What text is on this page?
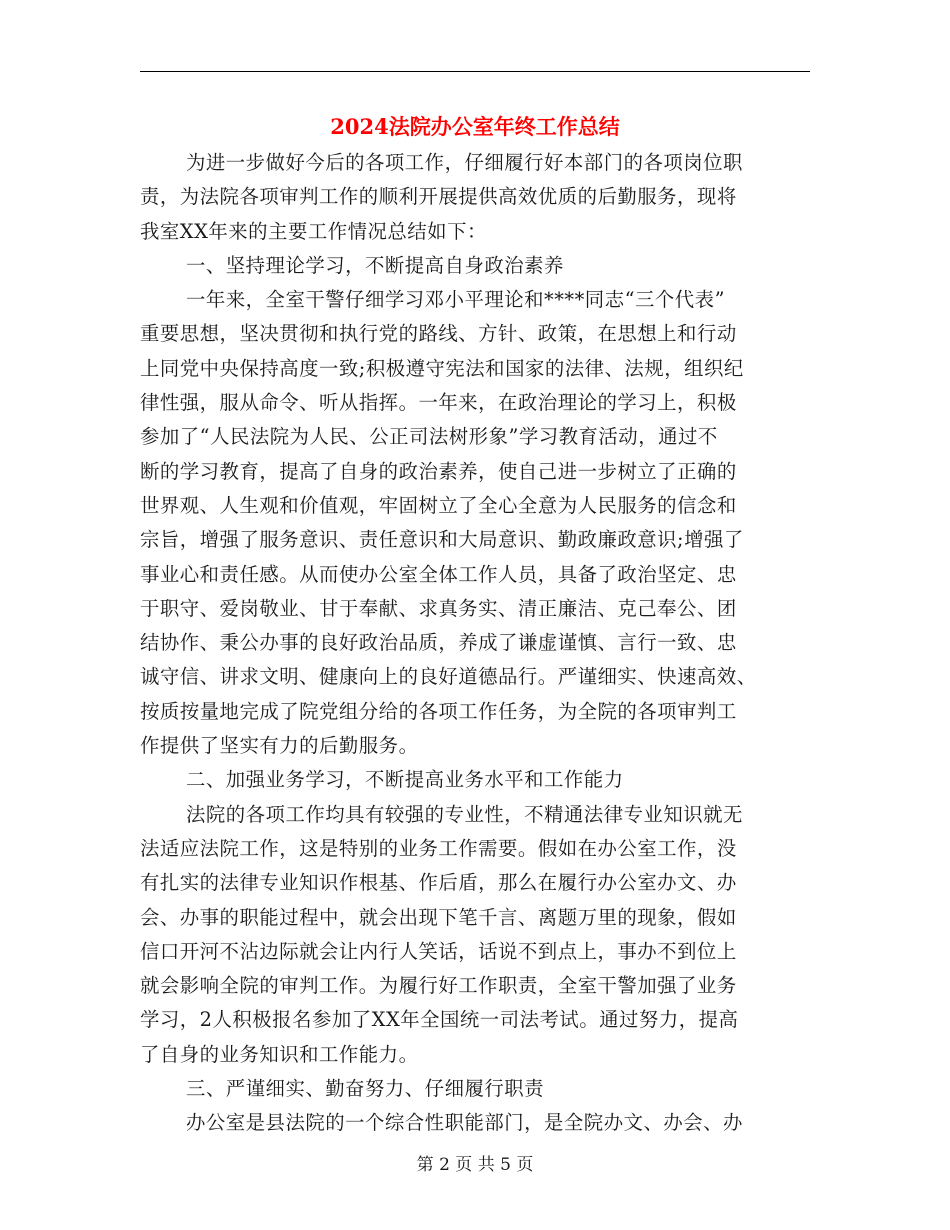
2024法院办公室年终工作总结

为进一步做好今后的各项工作，仔细履行好本部门的各项岗位职

责，为法院各项审判工作的顺利开展提供高效优质的后勤服务，现将

我室XX年来的主要工作情况总结如下：

一、坚持理论学习，不断提高自身政治素养

一年来，全室干警仔细学习邓小平理论和****同志“三个代表”

重要思想，坚决贯彻和执行党的路线、方针、政策，在思想上和行动

上同党中央保持高度一致;积极遵守宪法和国家的法律、法规，组织纪

律性强，服从命令、听从指挥。一年来，在政治理论的学习上，积极

参加了“人民法院为人民、公正司法树形象”学习教育活动，通过不

断的学习教育，提高了自身的政治素养，使自己进一步树立了正确的

世界观、人生观和价值观，牢固树立了全心全意为人民服务的信念和

宗旨，增强了服务意识、责任意识和大局意识、勤政廉政意识;增强了

事业心和责任感。从而使办公室全体工作人员，具备了政治坚定、忠

于职守、爱岗敬业、甘于奉献、求真务实、清正廉洁、克己奉公、团

结协作、秉公办事的良好政治品质，养成了谦虚谨慎、言行一致、忠

诚守信、讲求文明、健康向上的良好道德品行。严谨细实、快速高效、

按质按量地完成了院党组分给的各项工作任务，为全院的各项审判工

作提供了坚实有力的后勤服务。

二、加强业务学习，不断提高业务水平和工作能力

法院的各项工作均具有较强的专业性，不精通法律专业知识就无

法适应法院工作，这是特别的业务工作需要。假如在办公室工作，没

有扎实的法律专业知识作根基、作后盾，那么在履行办公室办文、办

会、办事的职能过程中，就会出现下笔千言、离题万里的现象，假如

信口开河不沾边际就会让内行人笑话，话说不到点上，事办不到位上

就会影响全院的审判工作。为履行好工作职责，全室干警加强了业务

学习，2人积极报名参加了XX年全国统一司法考试。通过努力，提高

了自身的业务知识和工作能力。

三、严谨细实、勤奋努力、仔细履行职责

办公室是县法院的一个综合性职能部门，是全院办文、办会、办

第 2 页 共 5 页
